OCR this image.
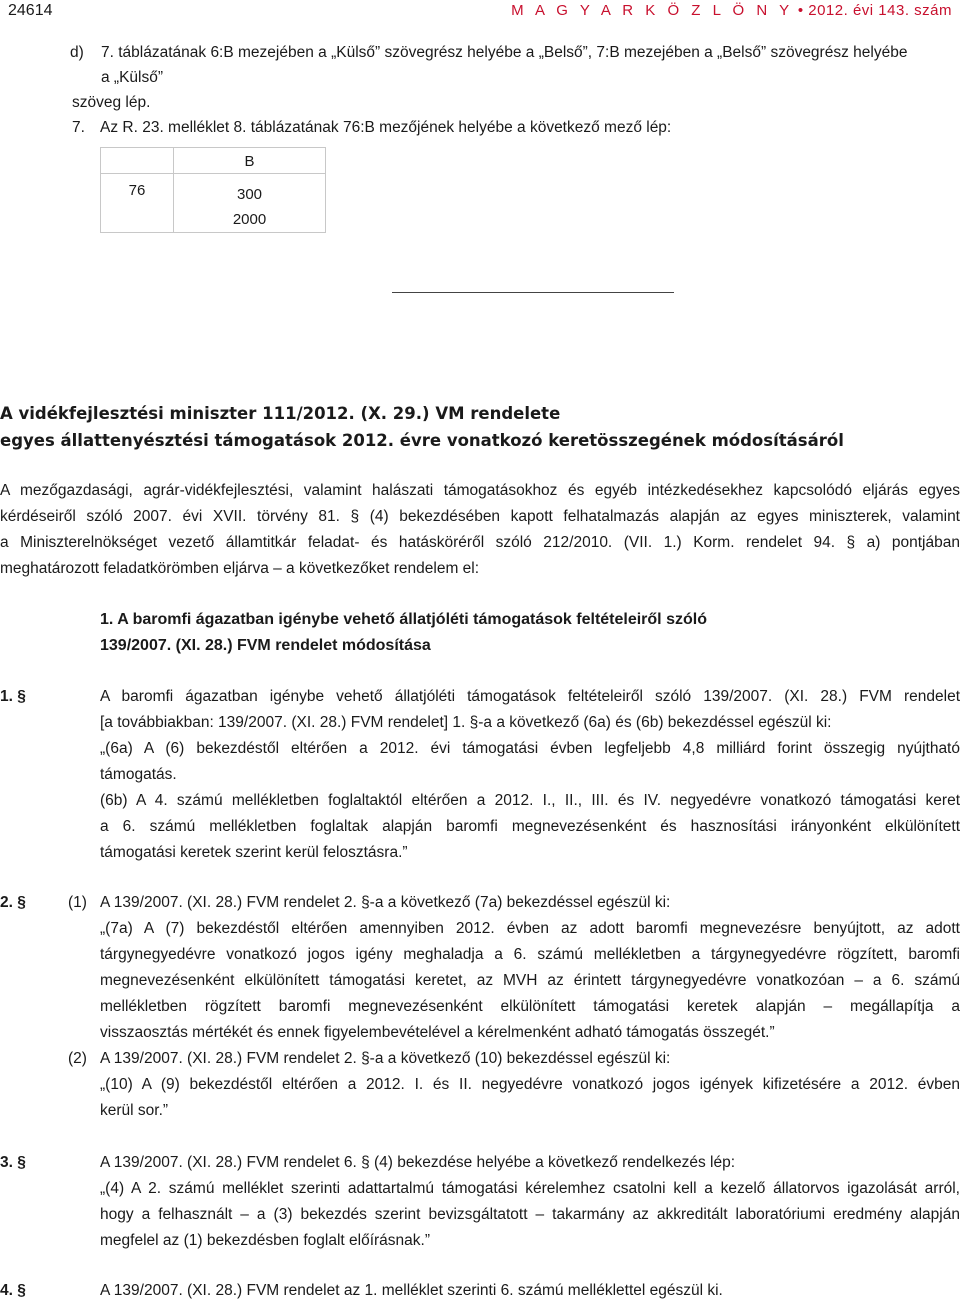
24614	M A G Y A R K Ö Z L Ö N Y • 2012. évi 143. szám
d) 7. táblázatának 6:B mezejében a „Külső” szövegrész helyébe a „Belső”, 7:B mezejében a „Belső” szövegrész helyébe
a „Külső”
szöveg lép.
7. Az R. 23. melléklet 8. táblázatának 76:B mezőjének helyébe a következő mező lép:
	B
76	300
2000
A vidékfejlesztési miniszter 111/2012. (X. 29.) VM rendelete
egyes állattenyésztési támogatások 2012. évre vonatkozó keretösszegének módosításáról
A mezőgazdasági, agrár-vidékfejlesztési, valamint halászati támogatásokhoz és egyéb intézkedésekhez kapcsolódó eljárás egyes
kérdéseiről szóló 2007. évi XVII. törvény 81. § (4) bekezdésében kapott felhatalmazás alapján az egyes miniszterek, valamint
a Miniszterelnökséget vezető államtitkár feladat- és hatásköréről szóló 212/2010. (VII. 1.) Korm. rendelet 94. § a) pontjában
meghatározott feladatkörömben eljárva – a következőket rendelem el:
1. A baromfi ágazatban igénybe vehető állatjóléti támogatások feltételeiről szóló
139/2007. (XI. 28.) FVM rendelet módosítása
1. §	A baromfi ágazatban igénybe vehető állatjóléti támogatások feltételeiről szóló 139/2007. (XI. 28.) FVM rendelet
[a továbbiakban: 139/2007. (XI. 28.) FVM rendelet] 1. §-a a következő (6a) és (6b) bekezdéssel egészül ki:
„(6a) A (6) bekezdéstől eltérően a 2012. évi támogatási évben legfeljebb 4,8 milliárd forint összegig nyújtható
támogatás.
(6b) A 4. számú mellékletben foglaltaktól eltérően a 2012. I., II., III. és IV. negyedévre vonatkozó támogatási keret
a 6. számú mellékletben foglaltak alapján baromfi megnevezésenként és hasznosítási irányonként elkülönített
támogatási keretek szerint kerül felosztásra.”
2. §	(1) A 139/2007. (XI. 28.) FVM rendelet 2. §-a a következő (7a) bekezdéssel egészül ki:
„(7a) A (7) bekezdéstől eltérően amennyiben 2012. évben az adott baromfi megnevezésre benyújtott, az adott
tárgynegyedévre vonatkozó jogos igény meghaladja a 6. számú mellékletben a tárgynegyedévre rögzített, baromfi
megnevezésenként elkülönített támogatási keretet, az MVH az érintett tárgynegyedévre vonatkozóan – a 6. számú
mellékletben rögzített baromfi megnevezésenként elkülönített támogatási keretek alapján – megállapítja a
visszaosztás mértékét és ennek figyelembevételével a kérelmenként adható támogatás összegét.”
(2) A 139/2007. (XI. 28.) FVM rendelet 2. §-a a következő (10) bekezdéssel egészül ki:
„(10) A (9) bekezdéstől eltérően a 2012. I. és II. negyedévre vonatkozó jogos igények kifizetésére a 2012. évben
kerül sor.”
3. §	A 139/2007. (XI. 28.) FVM rendelet 6. § (4) bekezdése helyébe a következő rendelkezés lép:
„(4) A 2. számú melléklet szerinti adattartalmú támogatási kérelemhez csatolni kell a kezelő állatorvos igazolását arról,
hogy a felhasznált – a (3) bekezdés szerint bevizsgáltatott – takarmány az akkreditált laboratóriumi eredmény alapján
megfelel az (1) bekezdésben foglalt előírásnak.”
4. §	A 139/2007. (XI. 28.) FVM rendelet az 1. melléklet szerinti 6. számú melléklettel egészül ki.
